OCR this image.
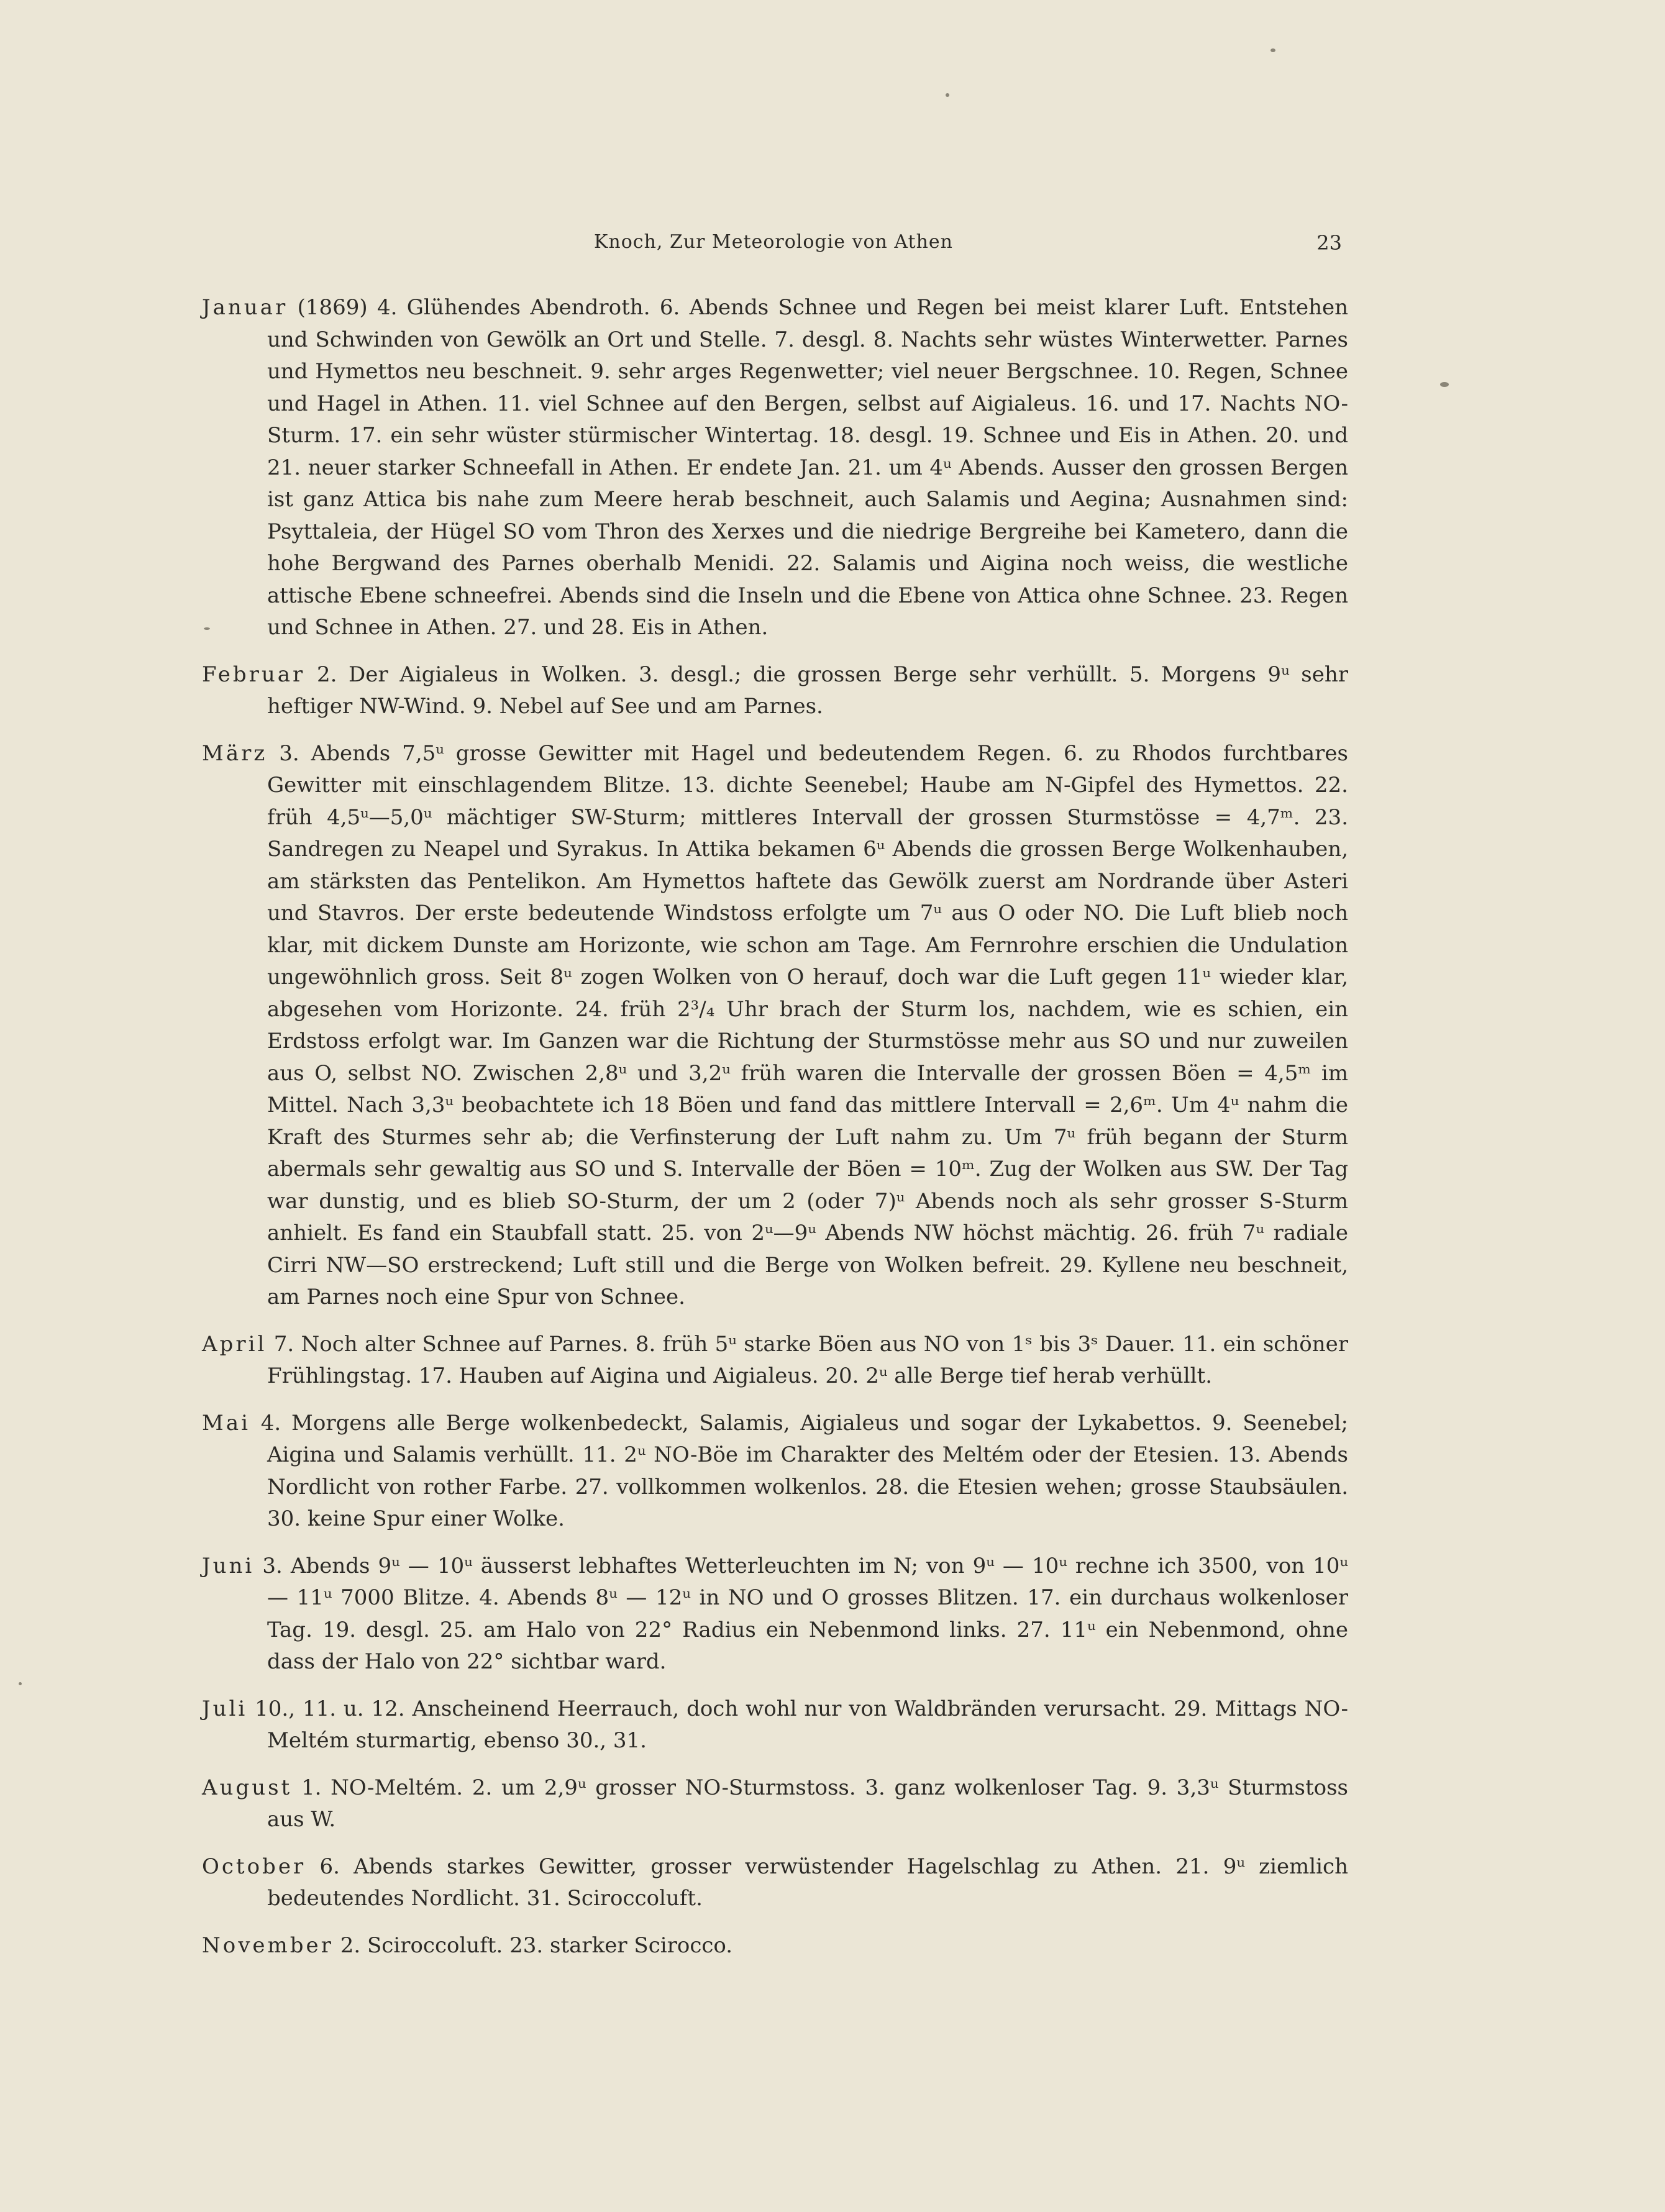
Knoch, Zur Meteorologie von Athen	23

Januar (1869) 4. Glühendes Abendroth. 6. Abends Schnee und Regen bei meist klarer Luft. Entstehen und Schwinden von Gewölk an Ort und Stelle. 7. desgl. 8. Nachts sehr wüstes Winterwetter. Parnes und Hymettos neu beschneit. 9. sehr arges Regenwetter; viel neuer Bergschnee. 10. Regen, Schnee und Hagel in Athen. 11. viel Schnee auf den Bergen, selbst auf Aigialeus. 16. und 17. Nachts NO-Sturm. 17. ein sehr wüster stürmischer Wintertag. 18. desgl. 19. Schnee und Eis in Athen. 20. und 21. neuer starker Schneefall in Athen. Er endete Jan. 21. um 4ᵘ Abends. Ausser den grossen Bergen ist ganz Attica bis nahe zum Meere herab beschneit, auch Salamis und Aegina; Ausnahmen sind: Psyttaleia, der Hügel SO vom Thron des Xerxes und die niedrige Bergreihe bei Kametero, dann die hohe Bergwand des Parnes oberhalb Menidi. 22. Salamis und Aigina noch weiss, die westliche attische Ebene schneefrei. Abends sind die Inseln und die Ebene von Attica ohne Schnee. 23. Regen und Schnee in Athen. 27. und 28. Eis in Athen.

Februar 2. Der Aigialeus in Wolken. 3. desgl.; die grossen Berge sehr verhüllt. 5. Morgens 9ᵘ sehr heftiger NW-Wind. 9. Nebel auf See und am Parnes.

März 3. Abends 7,5ᵘ grosse Gewitter mit Hagel und bedeutendem Regen. 6. zu Rhodos furchtbares Gewitter mit einschlagendem Blitze. 13. dichte Seenebel; Haube am N-Gipfel des Hymettos. 22. früh 4,5ᵘ—5,0ᵘ mächtiger SW-Sturm; mittleres Intervall der grossen Sturmstösse = 4,7ᵐ. 23. Sandregen zu Neapel und Syrakus. In Attika bekamen 6ᵘ Abends die grossen Berge Wolkenhauben, am stärksten das Pentelikon. Am Hymettos haftete das Gewölk zuerst am Nordrande über Asteri und Stavros. Der erste bedeutende Windstoss erfolgte um 7ᵘ aus O oder NO. Die Luft blieb noch klar, mit dickem Dunste am Horizonte, wie schon am Tage. Am Fernrohre erschien die Undulation ungewöhnlich gross. Seit 8ᵘ zogen Wolken von O herauf, doch war die Luft gegen 11ᵘ wieder klar, abgesehen vom Horizonte. 24. früh 2³/₄ Uhr brach der Sturm los, nachdem, wie es schien, ein Erdstoss erfolgt war. Im Ganzen war die Richtung der Sturmstösse mehr aus SO und nur zuweilen aus O, selbst NO. Zwischen 2,8ᵘ und 3,2ᵘ früh waren die Intervalle der grossen Böen = 4,5ᵐ im Mittel. Nach 3,3ᵘ beobachtete ich 18 Böen und fand das mittlere Intervall = 2,6ᵐ. Um 4ᵘ nahm die Kraft des Sturmes sehr ab; die Verfinsterung der Luft nahm zu. Um 7ᵘ früh begann der Sturm abermals sehr gewaltig aus SO und S. Intervalle der Böen = 10ᵐ. Zug der Wolken aus SW. Der Tag war dunstig, und es blieb SO-Sturm, der um 2 (oder 7)ᵘ Abends noch als sehr grosser S-Sturm anhielt. Es fand ein Staubfall statt. 25. von 2ᵘ—9ᵘ Abends NW höchst mächtig. 26. früh 7ᵘ radiale Cirri NW—SO erstreckend; Luft still und die Berge von Wolken befreit. 29. Kyllene neu beschneit, am Parnes noch eine Spur von Schnee.

April 7. Noch alter Schnee auf Parnes. 8. früh 5ᵘ starke Böen aus NO von 1ˢ bis 3ˢ Dauer. 11. ein schöner Frühlingstag. 17. Hauben auf Aigina und Aigialeus. 20. 2ᵘ alle Berge tief herab verhüllt.

Mai 4. Morgens alle Berge wolkenbedeckt, Salamis, Aigialeus und sogar der Lykabettos. 9. Seenebel; Aigina und Salamis verhüllt. 11. 2ᵘ NO-Böe im Charakter des Meltém oder der Etesien. 13. Abends Nordlicht von rother Farbe. 27. vollkommen wolkenlos. 28. die Etesien wehen; grosse Staubsäulen. 30. keine Spur einer Wolke.

Juni 3. Abends 9ᵘ — 10ᵘ äusserst lebhaftes Wetterleuchten im N; von 9ᵘ — 10ᵘ rechne ich 3500, von 10ᵘ — 11ᵘ 7000 Blitze. 4. Abends 8ᵘ — 12ᵘ in NO und O grosses Blitzen. 17. ein durchaus wolkenloser Tag. 19. desgl. 25. am Halo von 22° Radius ein Nebenmond links. 27. 11ᵘ ein Nebenmond, ohne dass der Halo von 22° sichtbar ward.

Juli 10., 11. u. 12. Anscheinend Heerrauch, doch wohl nur von Waldbränden verursacht. 29. Mittags NO-Meltém sturmartig, ebenso 30., 31.

August 1. NO-Meltém. 2. um 2,9ᵘ grosser NO-Sturmstoss. 3. ganz wolkenloser Tag. 9. 3,3ᵘ Sturmstoss aus W.

October 6. Abends starkes Gewitter, grosser verwüstender Hagelschlag zu Athen. 21. 9ᵘ ziemlich bedeutendes Nordlicht. 31. Sciroccoluft.

November 2. Sciroccoluft. 23. starker Scirocco.
